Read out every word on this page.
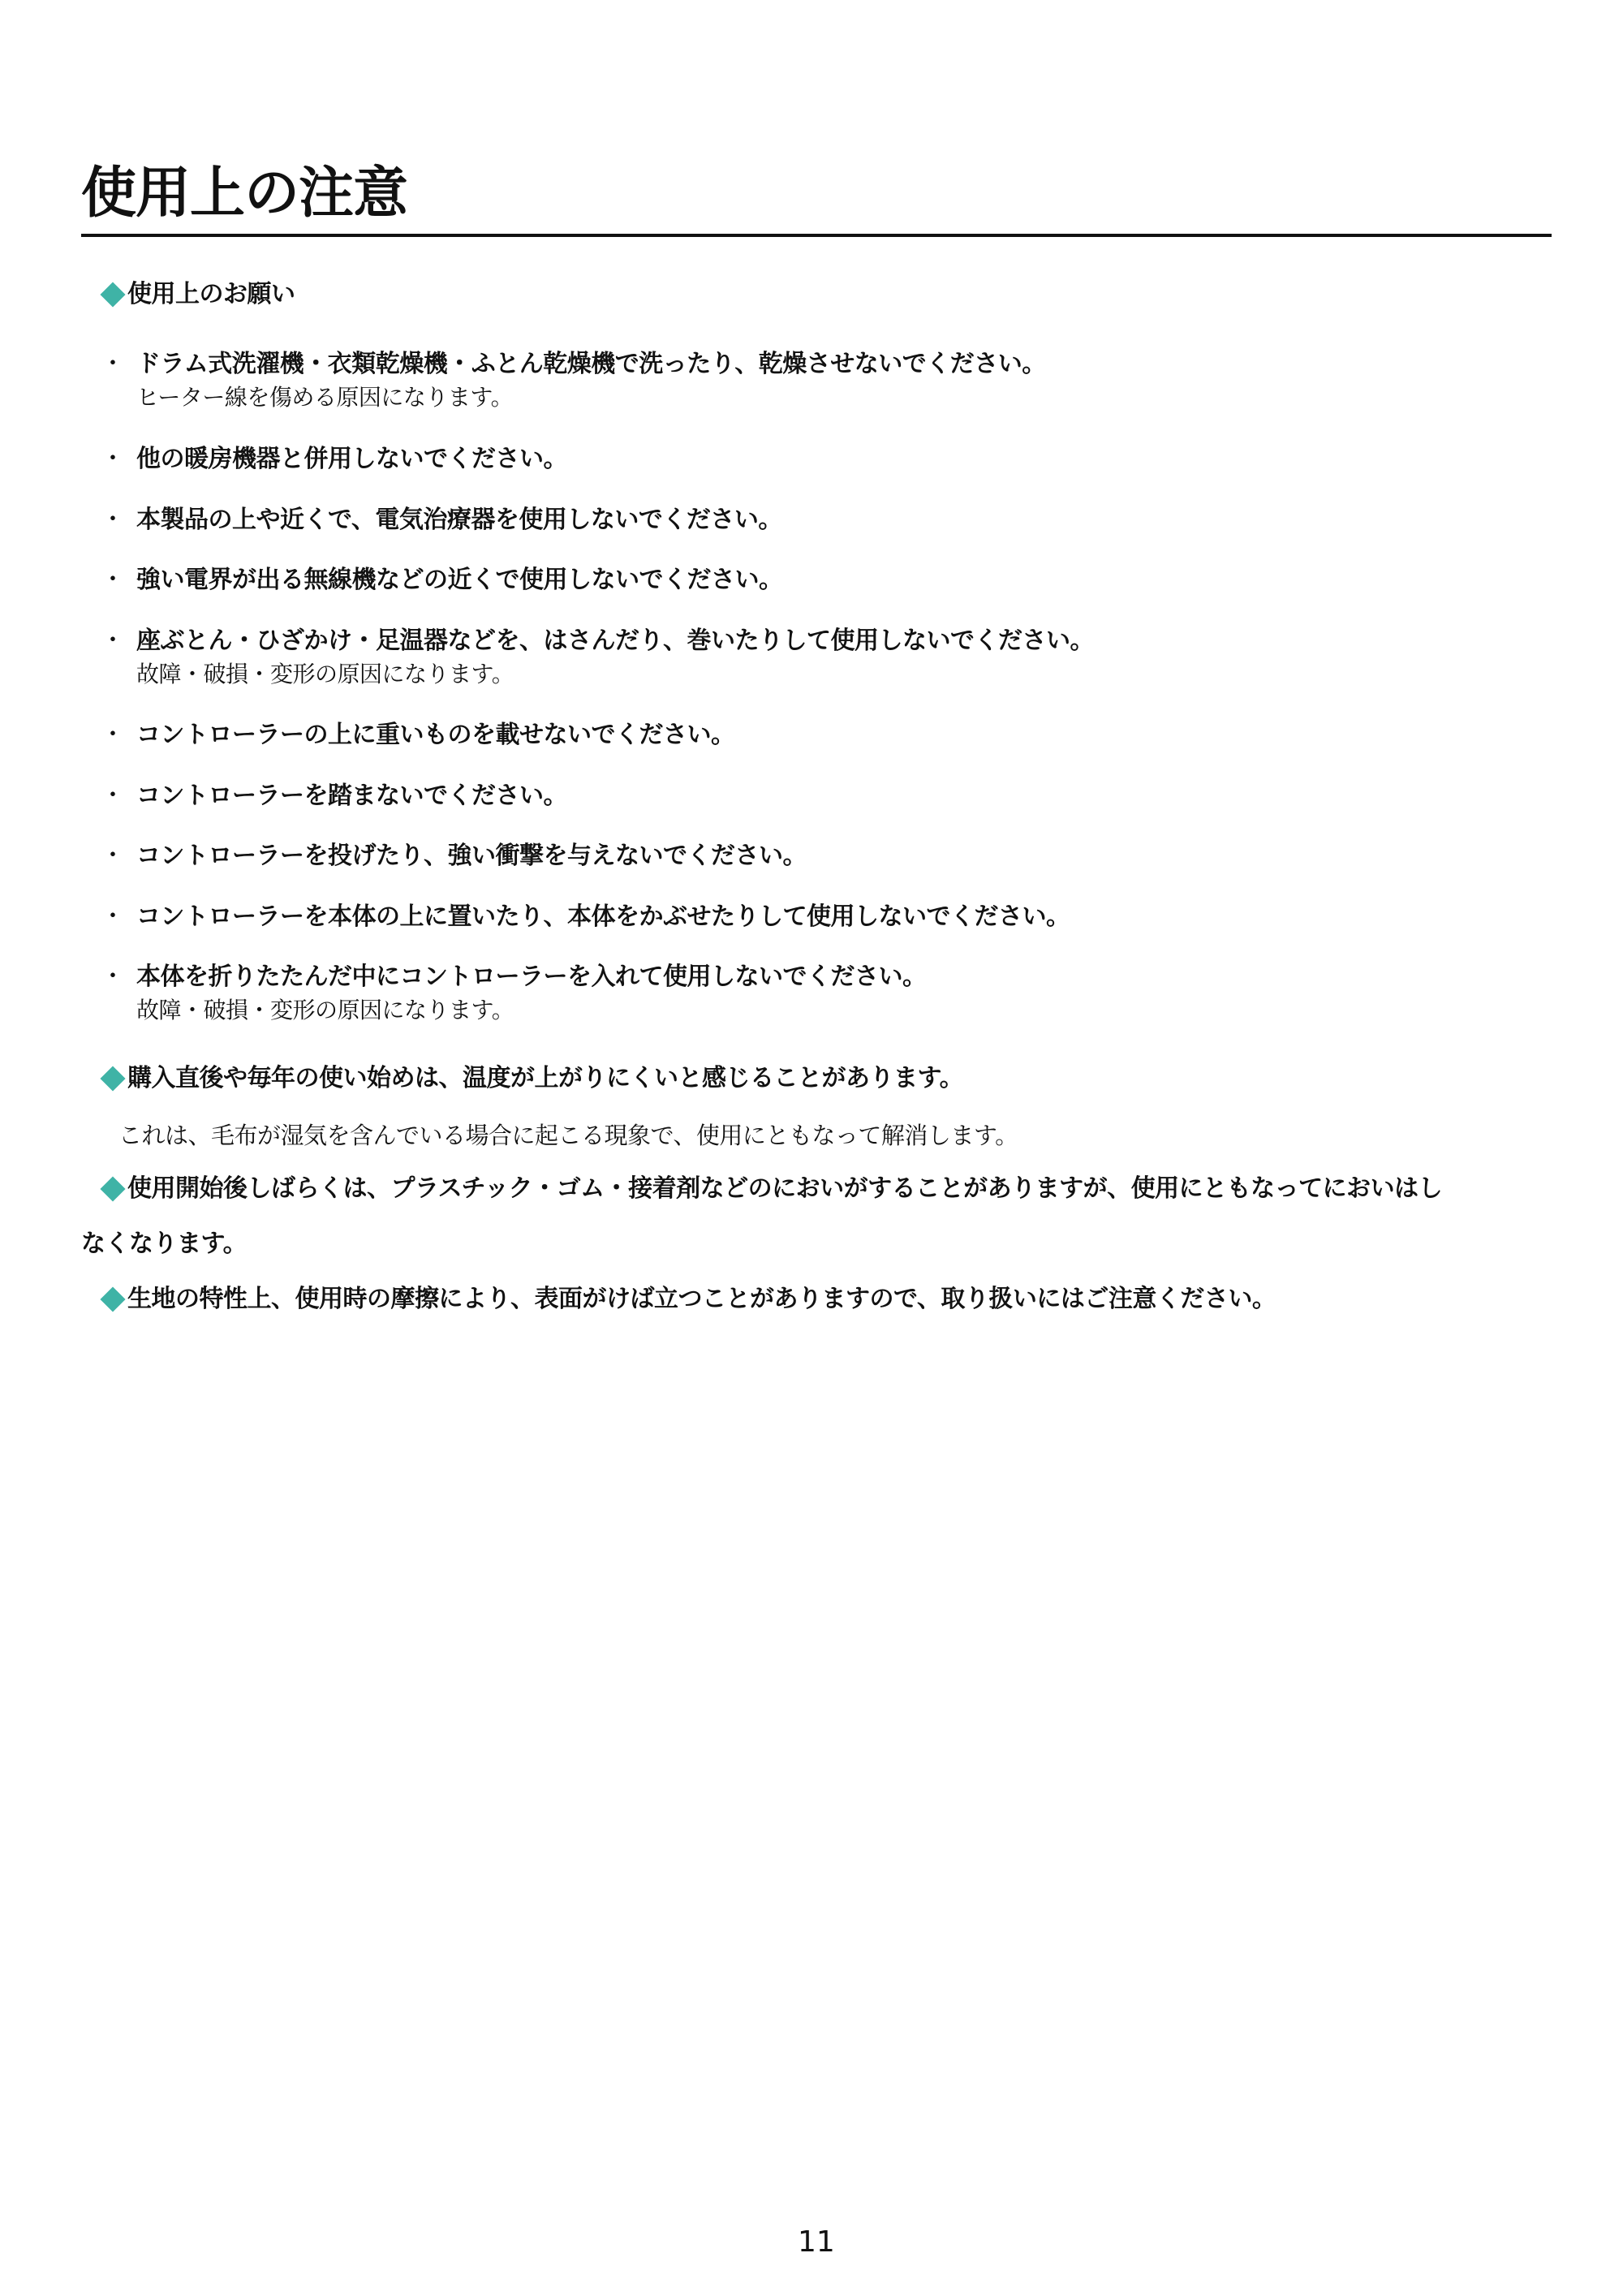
使用上の注意
使用上のお願い
・ ドラム式洗濯機・衣類乾燥機・ふとん乾燥機で洗ったり、乾燥させないでください。
ヒーター線を傷める原因になります。
・ 他の暖房機器と併用しないでください。
・ 本製品の上や近くで、電気治療器を使用しないでください。
・ 強い電界が出る無線機などの近くで使用しないでください。
・ 座ぶとん・ひざかけ・足温器などを、はさんだり、巻いたりして使用しないでください。
故障・破損・変形の原因になります。
・ コントローラーの上に重いものを載せないでください。
・ コントローラーを踏まないでください。
・ コントローラーを投げたり、強い衝撃を与えないでください。
・ コントローラーを本体の上に置いたり、本体をかぶせたりして使用しないでください。
・ 本体を折りたたんだ中にコントローラーを入れて使用しないでください。
故障・破損・変形の原因になります。
購入直後や毎年の使い始めは、温度が上がりにくいと感じることがあります。
これは、毛布が湿気を含んでいる場合に起こる現象で、使用にともなって解消します。
使用開始後しばらくは、プラスチック・ゴム・接着剤などのにおいがすることがありますが、使用にともなってにおいはし
なくなります。
生地の特性上、使用時の摩擦により、表面がけば立つことがありますので、取り扱いにはご注意ください。
11
